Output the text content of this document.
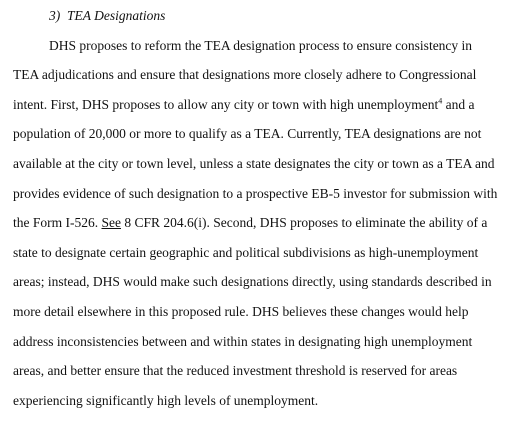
3) TEA Designations
DHS proposes to reform the TEA designation process to ensure consistency in
TEA adjudications and ensure that designations more closely adhere to Congressional
intent. First, DHS proposes to allow any city or town with high unemployment$^4$ and a
population of 20,000 or more to qualify as a TEA. Currently, TEA designations are not
available at the city or town level, unless a state designates the city or town as a TEA and
provides evidence of such designation to a prospective EB-5 investor for submission with
the Form I-526. See 8 CFR 204.6(i). Second, DHS proposes to eliminate the ability of a
state to designate certain geographic and political subdivisions as high-unemployment
areas; instead, DHS would make such designations directly, using standards described in
more detail elsewhere in this proposed rule. DHS believes these changes would help
address inconsistencies between and within states in designating high unemployment
areas, and better ensure that the reduced investment threshold is reserved for areas
experiencing significantly high levels of unemployment.
